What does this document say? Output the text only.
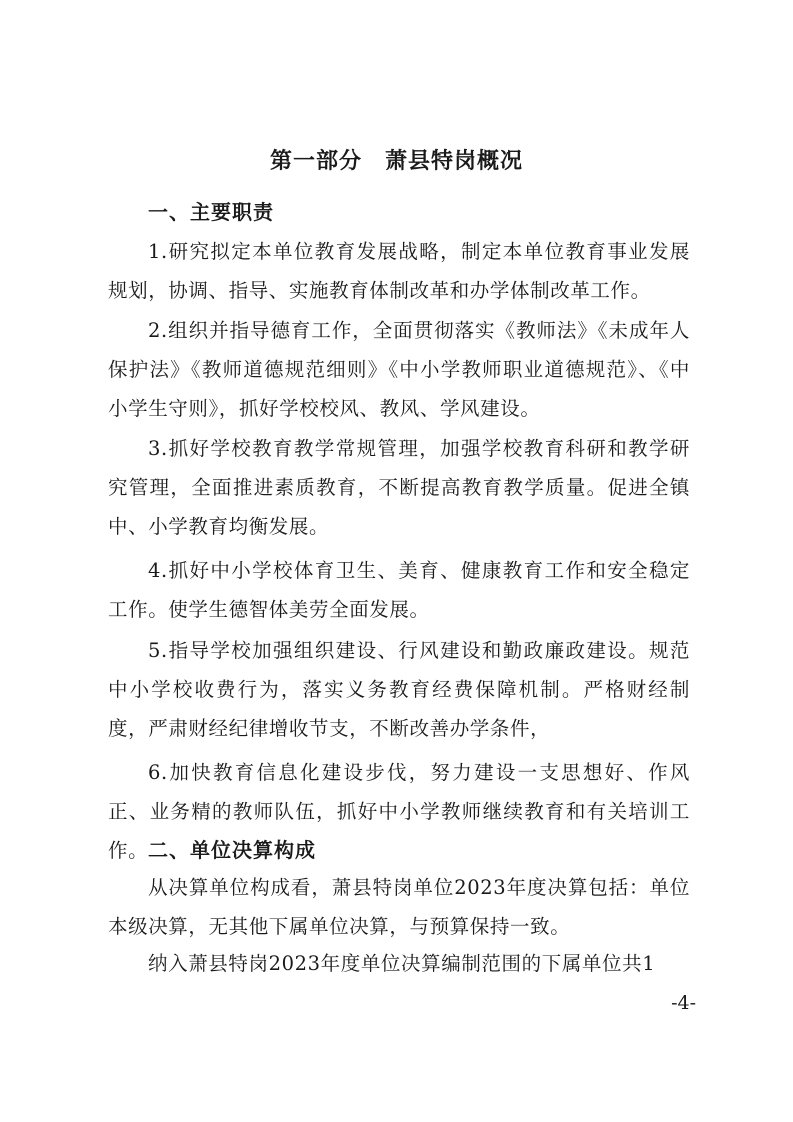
第一部分　萧县特岗概况
一、主要职责

1.研究拟定本单位教育发展战略，制定本单位教育事业发展规划，协调、指导、实施教育体制改革和办学体制改革工作。

2.组织并指导德育工作，全面贯彻落实《教师法》《未成年人保护法》《教师道德规范细则》《中小学教师职业道德规范》、《中小学生守则》，抓好学校校风、教风、学风建设。

3.抓好学校教育教学常规管理，加强学校教育科研和教学研究管理，全面推进素质教育，不断提高教育教学质量。促进全镇中、小学教育均衡发展。

4.抓好中小学校体育卫生、美育、健康教育工作和安全稳定工作。使学生德智体美劳全面发展。

5.指导学校加强组织建设、行风建设和勤政廉政建设。规范中小学校收费行为，落实义务教育经费保障机制。严格财经制度，严肃财经纪律增收节支，不断改善办学条件，

6.加快教育信息化建设步伐，努力建设一支思想好、作风正、业务精的教师队伍，抓好中小学教师继续教育和有关培训工作。 二、单位决算构成

从决算单位构成看，萧县特岗单位2023年度决算包括：单位本级决算，无其他下属单位决算，与预算保持一致。

纳入萧县特岗2023年度单位决算编制范围的下属单位共1

-4-
